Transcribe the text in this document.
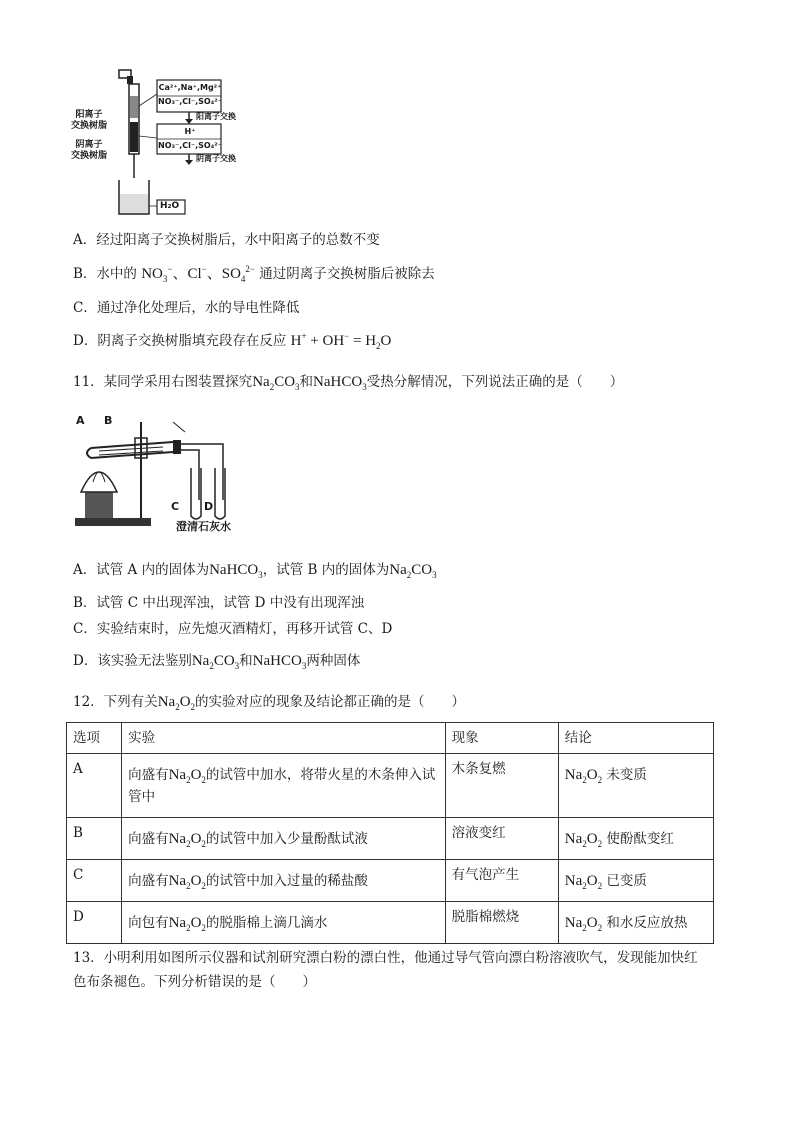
阳离子
交换树脂
阴离子
交换树脂
Ca²⁺,Na⁺,Mg²⁺
NO₃⁻,Cl⁻,SO₄²⁻
阳离子交换
H⁺
NO₃⁻,Cl⁻,SO₄²⁻
阴离子交换
H₂O
A．经过阳离子交换树脂后，水中阳离子的总数不变
B．水中的 $NO_3^-$、Cl−、$SO_4^{2-}$ 通过阴离子交换树脂后被除去
C．通过净化处理后，水的导电性降低
D．阴离子交换树脂填充段存在反应 $H^+ + OH^- = H_2O$
11．某同学采用右图装置探究$Na_2CO_3$和NaHCO$_3$受热分解情况，下列说法正确的是（　　）
A B
C D
澄清石灰水
A．试管 A 内的固体为NaHCO$_3$，试管 B 内的固体为$Na_2CO_3$
B．试管 C 中出现浑浊，试管 D 中没有出现浑浊
C．实验结束时，应先熄灭酒精灯，再移开试管 C、D
D．该实验无法鉴别$Na_2CO_3$和NaHCO$_3$两种固体
12．下列有关$Na_2O_2$的实验对应的现象及结论都正确的是（　　）
选项	实验	现象	结论
A	向盛有$Na_2O_2$的试管中加水，将带火星的木条伸入试管中	木条复燃	$Na_2O_2$ 未变质
B	向盛有$Na_2O_2$的试管中加入少量酚酞试液	溶液变红	$Na_2O_2$ 使酚酞变红
C	向盛有$Na_2O_2$的试管中加入过量的稀盐酸	有气泡产生	$Na_2O_2$ 已变质
D	向包有$Na_2O_2$的脱脂棉上滴几滴水	脱脂棉燃烧	$Na_2O_2$ 和水反应放热
13．小明利用如图所示仪器和试剂研究漂白粉的漂白性，他通过导气管向漂白粉溶液吹气，发现能加快红
色布条褪色。下列分析错误的是（　　）
